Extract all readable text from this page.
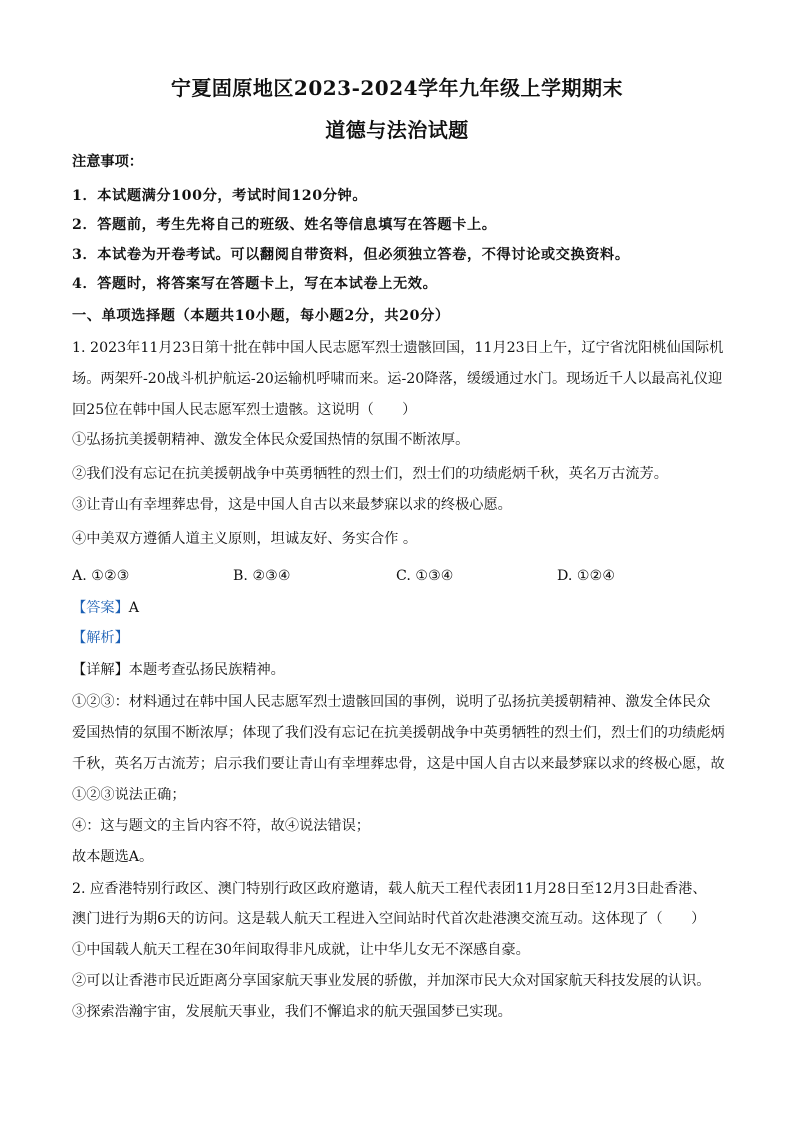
宁夏固原地区2023-2024学年九年级上学期期末
道德与法治试题
注意事项：
1．本试题满分100分，考试时间120分钟。
2．答题前，考生先将自己的班级、姓名等信息填写在答题卡上。
3．本试卷为开卷考试。可以翻阅自带资料，但必须独立答卷，不得讨论或交换资料。
4．答题时，将答案写在答题卡上，写在本试卷上无效。
一、单项选择题（本题共10小题，每小题2分，共20分）
1. 2023年11月23日第十批在韩中国人民志愿军烈士遗骸回国，11月23日上午，辽宁省沈阳桃仙国际机
场。两架歼-20战斗机护航运-20运输机呼啸而来。运-20降落，缓缓通过水门。现场近千人以最高礼仪迎
回25位在韩中国人民志愿军烈士遗骸。这说明（　　）
①弘扬抗美援朝精神、激发全体民众爱国热情的氛围不断浓厚。
②我们没有忘记在抗美援朝战争中英勇牺牲的烈士们，烈士们的功绩彪炳千秋，英名万古流芳。
③让青山有幸埋葬忠骨，这是中国人自古以来最梦寐以求的终极心愿。
④中美双方遵循人道主义原则，坦诚友好、务实合作 。
A. ①②③	B. ②③④	C. ①③④	D. ①②④
【答案】A
【解析】
【详解】本题考查弘扬民族精神。
①②③：材料通过在韩中国人民志愿军烈士遗骸回国的事例，说明了弘扬抗美援朝精神、激发全体民众
爱国热情的氛围不断浓厚；体现了我们没有忘记在抗美援朝战争中英勇牺牲的烈士们，烈士们的功绩彪炳
千秋，英名万古流芳；启示我们要让青山有幸埋葬忠骨，这是中国人自古以来最梦寐以求的终极心愿，故
①②③说法正确；
④：这与题文的主旨内容不符，故④说法错误；
故本题选A。
2. 应香港特别行政区、澳门特别行政区政府邀请，载人航天工程代表团11月28日至12月3日赴香港、
澳门进行为期6天的访问。这是载人航天工程进入空间站时代首次赴港澳交流互动。这体现了（　　）
①中国载人航天工程在30年间取得非凡成就，让中华儿女无不深感自豪。
②可以让香港市民近距离分享国家航天事业发展的骄傲，并加深市民大众对国家航天科技发展的认识。
③探索浩瀚宇宙，发展航天事业，我们不懈追求的航天强国梦已实现。
